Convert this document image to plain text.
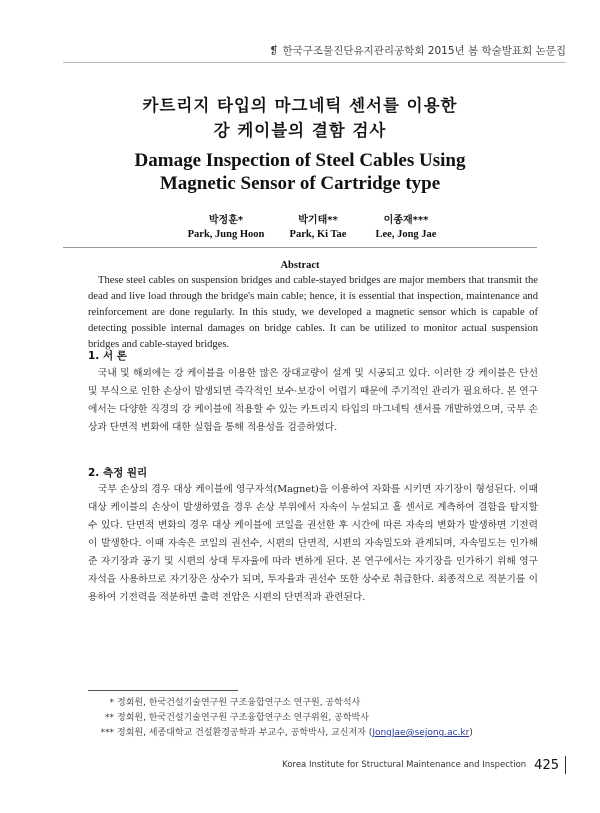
❡ 한국구조물진단유지관리공학회 2015년 봄 학술발표회 논문집
카트리지 타입의 마그네틱 센서를 이용한
강 케이블의 결함 검사
Damage Inspection of Steel Cables Using
Magnetic Sensor of Cartridge type
박정훈*
Park, Jung Hoon
박기태**
Park, Ki Tae
이종재***
Lee, Jong Jae
Abstract
These steel cables on suspension bridges and cable-stayed bridges are major members that transmit the dead and live load through the bridge's main cable; hence, it is essential that inspection, maintenance and reinforcement are done regularly. In this study, we developed a magnetic sensor which is capable of detecting possible internal damages on bridge cables. It can be utilized to monitor actual suspension bridges and cable-stayed bridges.
1. 서 론
국내 및 해외에는 강 케이블을 이용한 많은 장대교량이 설계 및 시공되고 있다. 이러한 강 케이블은 단선 및 부식으로 인한 손상이 발생되면 즉각적인 보수·보강이 어렵기 때문에 주기적인 관리가 필요하다. 본 연구에서는 다양한 직경의 강 케이블에 적용할 수 있는 카트리지 타입의 마그네틱 센서를 개발하였으며, 국부 손상과 단면적 변화에 대한 실험을 통해 적용성을 검증하였다.
2. 측정 원리
국부 손상의 경우 대상 케이블에 영구자석(Magnet)을 이용하여 자화를 시키면 자기장이 형성된다. 이때 대상 케이블의 손상이 발생하였을 경우 손상 부위에서 자속이 누설되고 홀 센서로 계측하여 결함을 탐지할 수 있다. 단면적 변화의 경우 대상 케이블에 코일을 권선한 후 시간에 따른 자속의 변화가 발생하면 기전력이 발생한다. 이때 자속은 코일의 권선수, 시편의 단면적, 시편의 자속밀도와 관계되며, 자속밀도는 인가해 준 자기장과 공기 및 시편의 상대 투자율에 따라 변하게 된다. 본 연구에서는 자기장을 인가하기 위해 영구자석을 사용하므로 자기장은 상수가 되며, 투자율과 권선수 또한 상수로 취급한다. 최종적으로 적분기를 이용하여 기전력을 적분하면 출력 전압은 시편의 단면적과 관련된다.
* 정회원, 한국건설기술연구원 구조융합연구소 연구원, 공학석사
** 정회원, 한국건설기술연구원 구조융합연구소 연구위원, 공학박사
*** 정회원, 세종대학교 건설환경공학과 부교수, 공학박사, 교신저자 (JongJae@sejong.ac.kr)
Korea Institute for Structural Maintenance and Inspection 425
